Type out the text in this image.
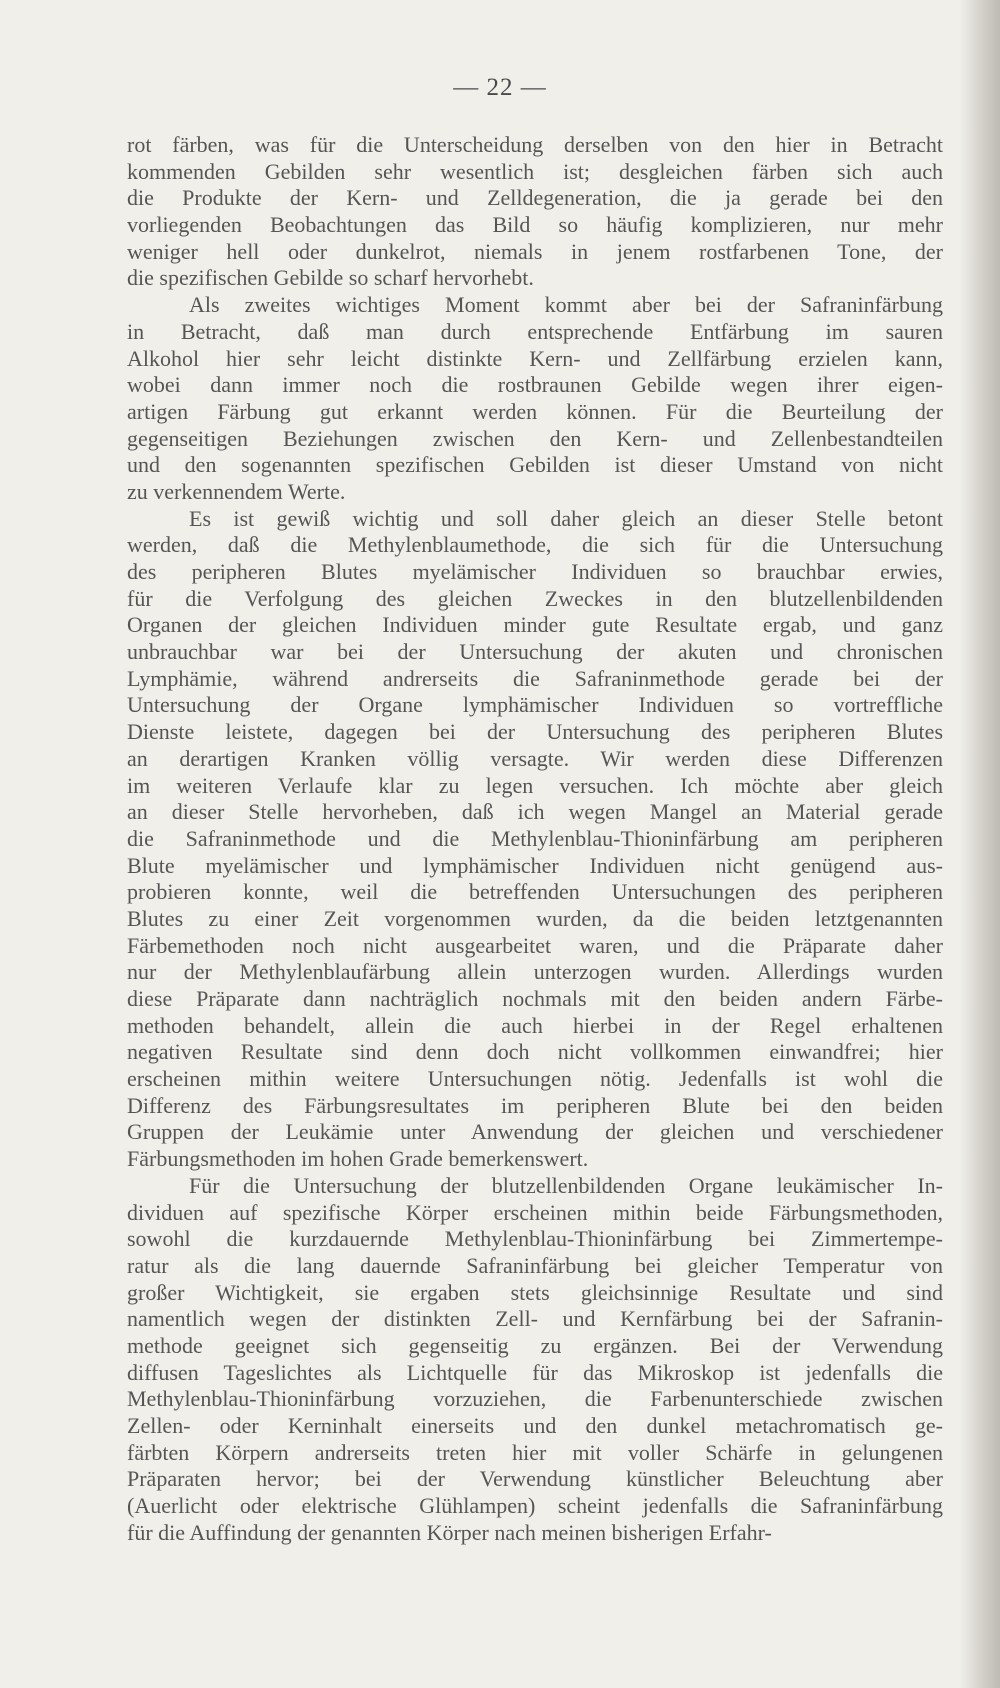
— 22 —
rot färben, was für die Unterscheidung derselben von den hier in Betracht
kommenden Gebilden sehr wesentlich ist; desgleichen färben sich auch
die Produkte der Kern- und Zelldegeneration, die ja gerade bei den
vorliegenden Beobachtungen das Bild so häufig komplizieren, nur mehr
weniger hell oder dunkelrot, niemals in jenem rostfarbenen Tone, der
die spezifischen Gebilde so scharf hervorhebt.
Als zweites wichtiges Moment kommt aber bei der Safraninfärbung
in Betracht, daß man durch entsprechende Entfärbung im sauren
Alkohol hier sehr leicht distinkte Kern- und Zellfärbung erzielen kann,
wobei dann immer noch die rostbraunen Gebilde wegen ihrer eigen-
artigen Färbung gut erkannt werden können. Für die Beurteilung der
gegenseitigen Beziehungen zwischen den Kern- und Zellenbestandteilen
und den sogenannten spezifischen Gebilden ist dieser Umstand von nicht
zu verkennendem Werte.
Es ist gewiß wichtig und soll daher gleich an dieser Stelle betont
werden, daß die Methylenblaumethode, die sich für die Untersuchung
des peripheren Blutes myelämischer Individuen so brauchbar erwies,
für die Verfolgung des gleichen Zweckes in den blutzellenbildenden
Organen der gleichen Individuen minder gute Resultate ergab, und ganz
unbrauchbar war bei der Untersuchung der akuten und chronischen
Lymphämie, während andrerseits die Safraninmethode gerade bei der
Untersuchung der Organe lymphämischer Individuen so vortreffliche
Dienste leistete, dagegen bei der Untersuchung des peripheren Blutes
an derartigen Kranken völlig versagte. Wir werden diese Differenzen
im weiteren Verlaufe klar zu legen versuchen. Ich möchte aber gleich
an dieser Stelle hervorheben, daß ich wegen Mangel an Material gerade
die Safraninmethode und die Methylenblau-Thioninfärbung am peripheren
Blute myelämischer und lymphämischer Individuen nicht genügend aus-
probieren konnte, weil die betreffenden Untersuchungen des peripheren
Blutes zu einer Zeit vorgenommen wurden, da die beiden letztgenannten
Färbemethoden noch nicht ausgearbeitet waren, und die Präparate daher
nur der Methylenblaufärbung allein unterzogen wurden. Allerdings wurden
diese Präparate dann nachträglich nochmals mit den beiden andern Färbe-
methoden behandelt, allein die auch hierbei in der Regel erhaltenen
negativen Resultate sind denn doch nicht vollkommen einwandfrei; hier
erscheinen mithin weitere Untersuchungen nötig. Jedenfalls ist wohl die
Differenz des Färbungsresultates im peripheren Blute bei den beiden
Gruppen der Leukämie unter Anwendung der gleichen und verschiedener
Färbungsmethoden im hohen Grade bemerkenswert.
Für die Untersuchung der blutzellenbildenden Organe leukämischer In-
dividuen auf spezifische Körper erscheinen mithin beide Färbungsmethoden,
sowohl die kurzdauernde Methylenblau-Thioninfärbung bei Zimmertempe-
ratur als die lang dauernde Safraninfärbung bei gleicher Temperatur von
großer Wichtigkeit, sie ergaben stets gleichsinnige Resultate und sind
namentlich wegen der distinkten Zell- und Kernfärbung bei der Safranin-
methode geeignet sich gegenseitig zu ergänzen. Bei der Verwendung
diffusen Tageslichtes als Lichtquelle für das Mikroskop ist jedenfalls die
Methylenblau-Thioninfärbung vorzuziehen, die Farbenunterschiede zwischen
Zellen- oder Kerninhalt einerseits und den dunkel metachromatisch ge-
färbten Körpern andrerseits treten hier mit voller Schärfe in gelungenen
Präparaten hervor; bei der Verwendung künstlicher Beleuchtung aber
(Auerlicht oder elektrische Glühlampen) scheint jedenfalls die Safraninfärbung
für die Auffindung der genannten Körper nach meinen bisherigen Erfahr-
